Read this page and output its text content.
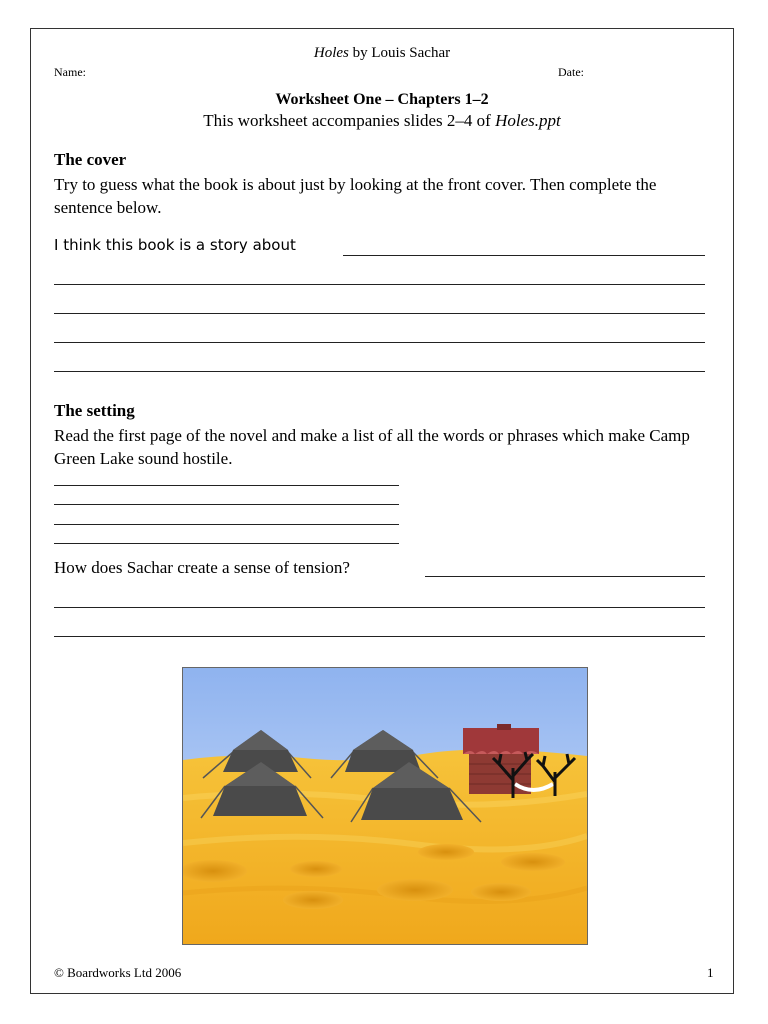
Holes by Louis Sachar
Name:	Date:
Worksheet One – Chapters 1–2
This worksheet accompanies slides 2–4 of Holes.ppt
The cover
Try to guess what the book is about just by looking at the front cover. Then complete the sentence below.
I think this book is a story about
The setting
Read the first page of the novel and make a list of all the words or phrases which make Camp Green Lake sound hostile.
How does Sachar create a sense of tension?
© Boardworks Ltd 2006	1
